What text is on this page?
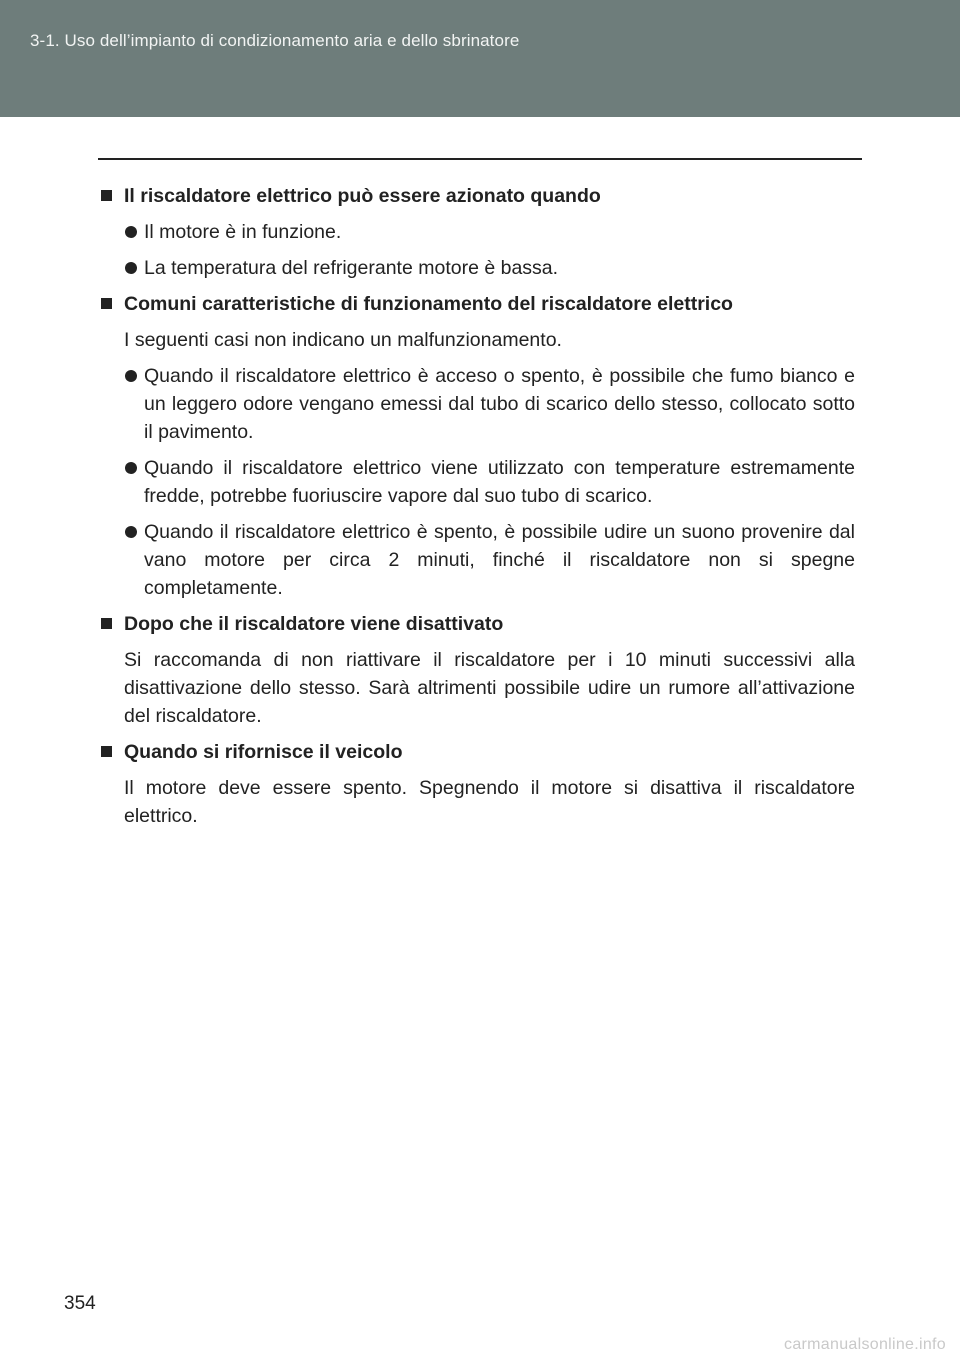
3-1. Uso dell’impianto di condizionamento aria e dello sbrinatore
Il riscaldatore elettrico può essere azionato quando
Il motore è in funzione.
La temperatura del refrigerante motore è bassa.
Comuni caratteristiche di funzionamento del riscaldatore elettrico
I seguenti casi non indicano un malfunzionamento.
Quando il riscaldatore elettrico è acceso o spento, è possibile che fumo bianco e un leggero odore vengano emessi dal tubo di scarico dello stesso, collocato sotto il pavimento.
Quando il riscaldatore elettrico viene utilizzato con temperature estremamente fredde, potrebbe fuoriuscire vapore dal suo tubo di scarico.
Quando il riscaldatore elettrico è spento, è possibile udire un suono provenire dal vano motore per circa 2 minuti, finché il riscaldatore non si spegne completamente.
Dopo che il riscaldatore viene disattivato
Si raccomanda di non riattivare il riscaldatore per i 10 minuti successivi alla disattivazione dello stesso. Sarà altrimenti possibile udire un rumore all’attivazione del riscaldatore.
Quando si rifornisce il veicolo
Il motore deve essere spento. Spegnendo il motore si disattiva il riscaldatore elettrico.
354
carmanualsonline.info
